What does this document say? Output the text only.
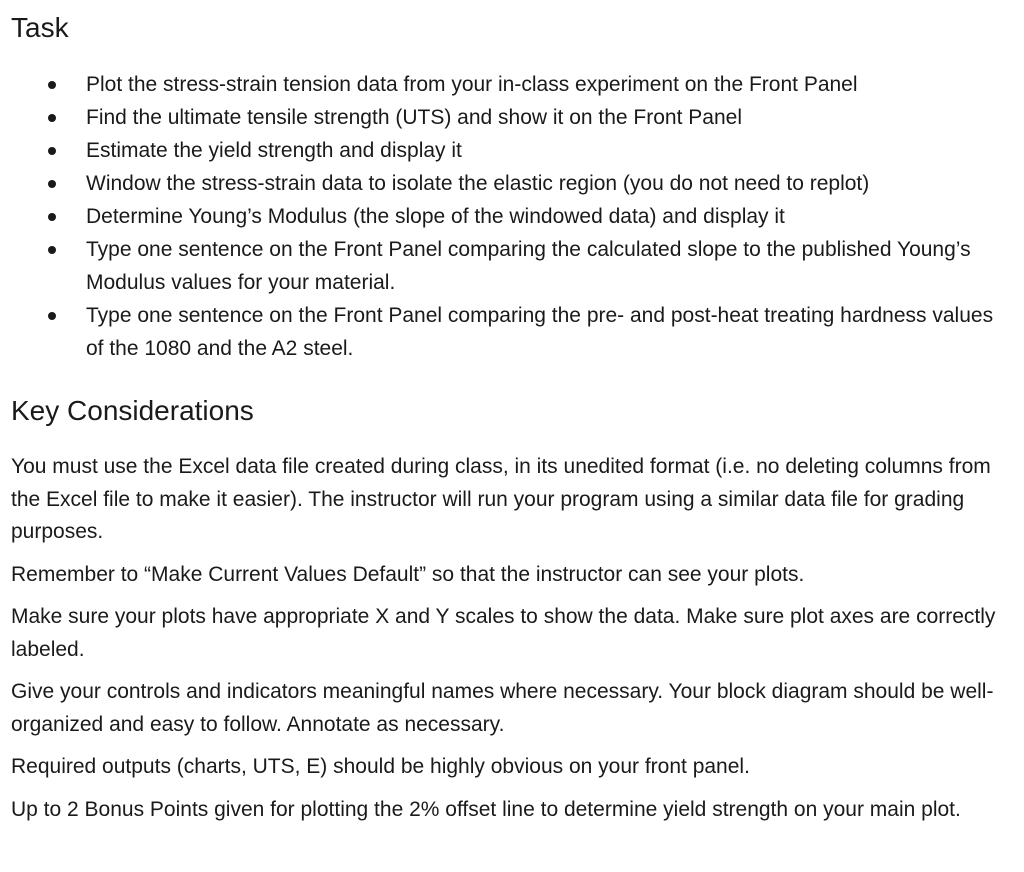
Task
Plot the stress-strain tension data from your in-class experiment on the Front Panel
Find the ultimate tensile strength (UTS) and show it on the Front Panel
Estimate the yield strength and display it
Window the stress-strain data to isolate the elastic region (you do not need to replot)
Determine Young’s Modulus (the slope of the windowed data) and display it
Type one sentence on the Front Panel comparing the calculated slope to the published Young’s Modulus values for your material.
Type one sentence on the Front Panel comparing the pre- and post-heat treating hardness values of the 1080 and the A2 steel.
Key Considerations

You must use the Excel data file created during class, in its unedited format (i.e. no deleting columns from the Excel file to make it easier). The instructor will run your program using a similar data file for grading purposes.

Remember to “Make Current Values Default” so that the instructor can see your plots.

Make sure your plots have appropriate X and Y scales to show the data. Make sure plot axes are correctly labeled.

Give your controls and indicators meaningful names where necessary. Your block diagram should be well-organized and easy to follow. Annotate as necessary.

Required outputs (charts, UTS, E) should be highly obvious on your front panel.

Up to 2 Bonus Points given for plotting the 2% offset line to determine yield strength on your main plot.
